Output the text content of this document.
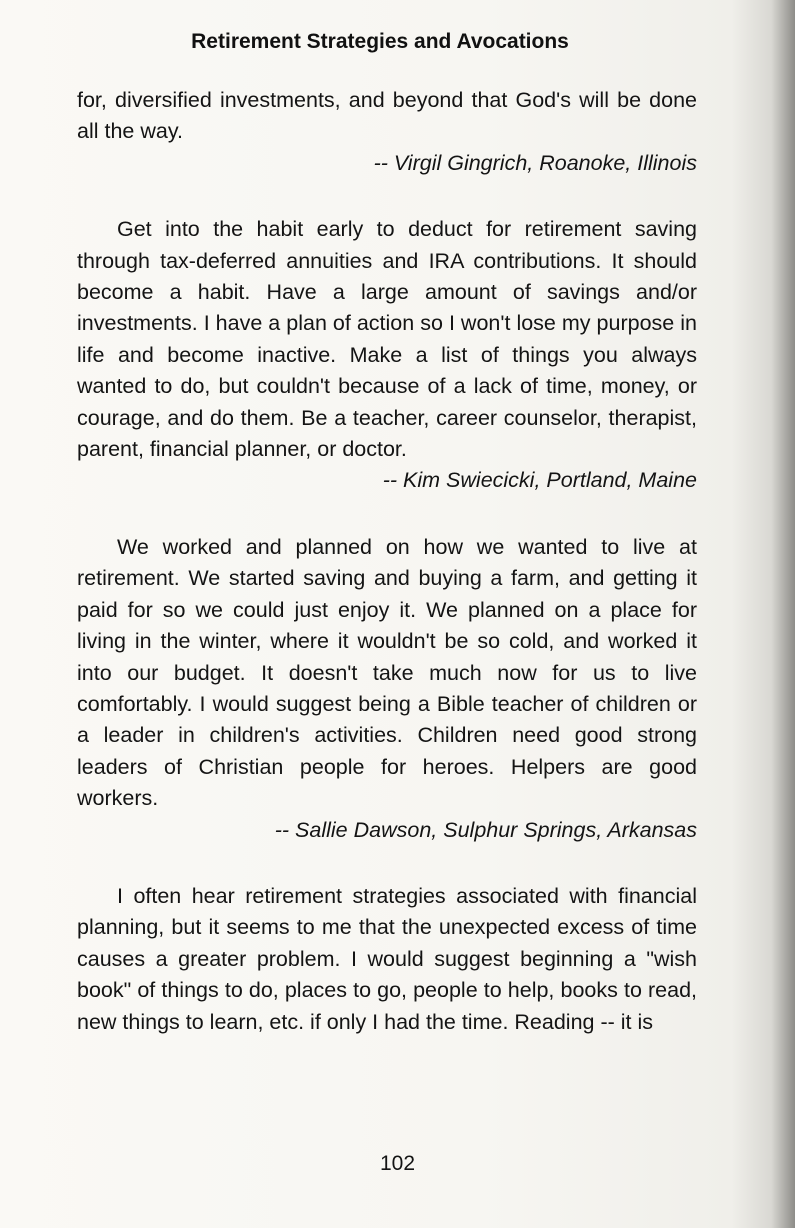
Retirement Strategies and Avocations

for, diversified investments, and beyond that God's will be done all the way.

-- Virgil Gingrich, Roanoke, Illinois

Get into the habit early to deduct for retirement saving through tax-deferred annuities and IRA contributions. It should become a habit. Have a large amount of savings and/or investments. I have a plan of action so I won't lose my purpose in life and become inactive. Make a list of things you always wanted to do, but couldn't because of a lack of time, money, or courage, and do them. Be a teacher, career counselor, therapist, parent, financial planner, or doctor.

-- Kim Swiecicki, Portland, Maine

We worked and planned on how we wanted to live at retirement. We started saving and buying a farm, and getting it paid for so we could just enjoy it. We planned on a place for living in the winter, where it wouldn't be so cold, and worked it into our budget. It doesn't take much now for us to live comfortably. I would suggest being a Bible teacher of children or a leader in children's activities. Children need good strong leaders of Christian people for heroes. Helpers are good workers.

-- Sallie Dawson, Sulphur Springs, Arkansas

I often hear retirement strategies associated with financial planning, but it seems to me that the unexpected excess of time causes a greater problem. I would suggest beginning a "wish book" of things to do, places to go, people to help, books to read, new things to learn, etc. if only I had the time. Reading -- it is

102
